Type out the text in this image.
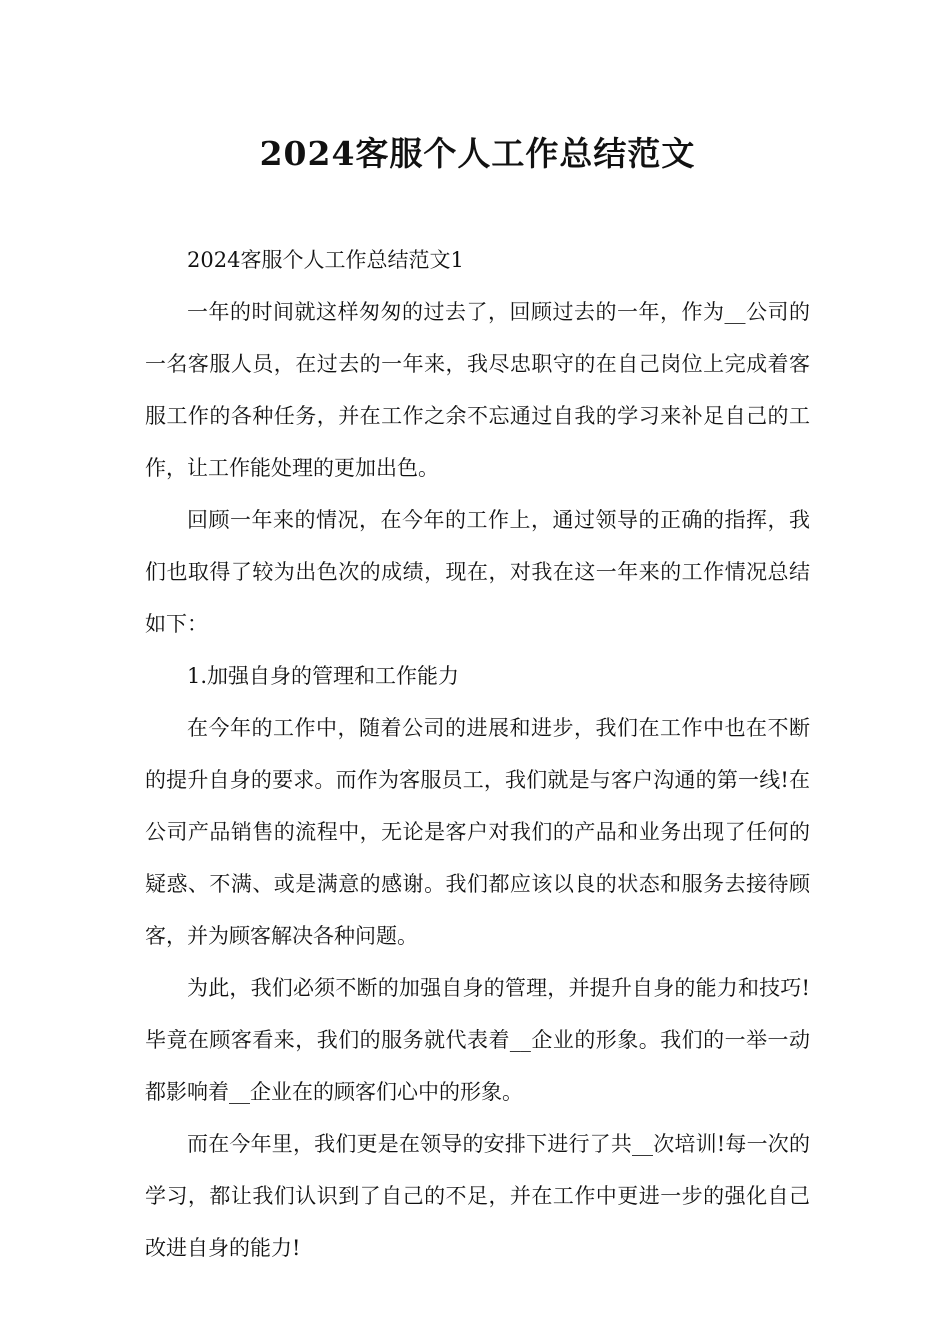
2024客服个人工作总结范文

2024客服个人工作总结范文1

一年的时间就这样匆匆的过去了，回顾过去的一年，作为__公司的一名客服人员，在过去的一年来，我尽忠职守的在自己岗位上完成着客服工作的各种任务，并在工作之余不忘通过自我的学习来补足自己的工作，让工作能处理的更加出色。

回顾一年来的情况，在今年的工作上，通过领导的正确的指挥，我们也取得了较为出色次的成绩，现在，对我在这一年来的工作情况总结如下：

1.加强自身的管理和工作能力

在今年的工作中，随着公司的进展和进步，我们在工作中也在不断的提升自身的要求。而作为客服员工，我们就是与客户沟通的第一线!在公司产品销售的流程中，无论是客户对我们的产品和业务出现了任何的疑惑、不满、或是满意的感谢。我们都应该以良的状态和服务去接待顾客，并为顾客解决各种问题。

为此，我们必须不断的加强自身的管理，并提升自身的能力和技巧!毕竟在顾客看来，我们的服务就代表着__企业的形象。我们的一举一动都影响着__企业在的顾客们心中的形象。

而在今年里，我们更是在领导的安排下进行了共__次培训!每一次的学习，都让我们认识到了自己的不足，并在工作中更进一步的强化自己改进自身的能力!
